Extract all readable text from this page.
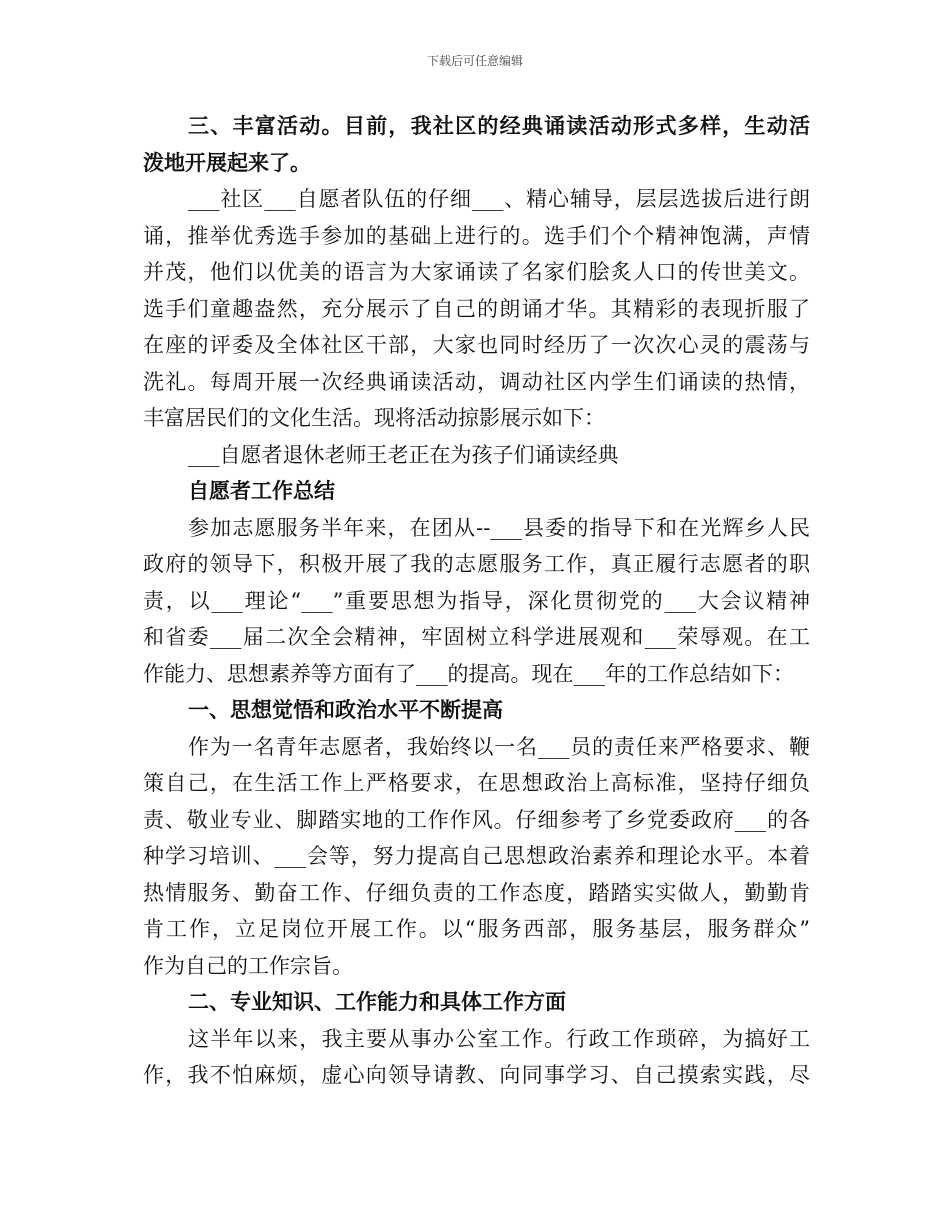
下载后可任意编辑
三、丰富活动。目前，我社区的经典诵读活动形式多样，生动活
泼地开展起来了。
___社区___自愿者队伍的仔细___、精心辅导，层层选拔后进行朗
诵，推举优秀选手参加的基础上进行的。选手们个个精神饱满，声情
并茂，他们以优美的语言为大家诵读了名家们脍炙人口的传世美文。
选手们童趣盎然，充分展示了自己的朗诵才华。其精彩的表现折服了
在座的评委及全体社区干部，大家也同时经历了一次次心灵的震荡与
洗礼。每周开展一次经典诵读活动，调动社区内学生们诵读的热情，
丰富居民们的文化生活。现将活动掠影展示如下：
___自愿者退休老师王老正在为孩子们诵读经典
自愿者工作总结
参加志愿服务半年来，在团从--___县委的指导下和在光辉乡人民
政府的领导下，积极开展了我的志愿服务工作，真正履行志愿者的职
责，以___理论“___”重要思想为指导，深化贯彻党的___大会议精神
和省委___届二次全会精神，牢固树立科学进展观和___荣辱观。在工
作能力、思想素养等方面有了___的提高。现在___年的工作总结如下：
一、思想觉悟和政治水平不断提高
作为一名青年志愿者，我始终以一名___员的责任来严格要求、鞭
策自己，在生活工作上严格要求，在思想政治上高标准，坚持仔细负
责、敬业专业、脚踏实地的工作作风。仔细参考了乡党委政府___的各
种学习培训、___会等，努力提高自己思想政治素养和理论水平。本着
热情服务、勤奋工作、仔细负责的工作态度，踏踏实实做人，勤勤肯
肯工作，立足岗位开展工作。以“服务西部，服务基层，服务群众”
作为自己的工作宗旨。
二、专业知识、工作能力和具体工作方面
这半年以来，我主要从事办公室工作。行政工作琐碎，为搞好工
作，我不怕麻烦，虚心向领导请教、向同事学习、自己摸索实践，尽
